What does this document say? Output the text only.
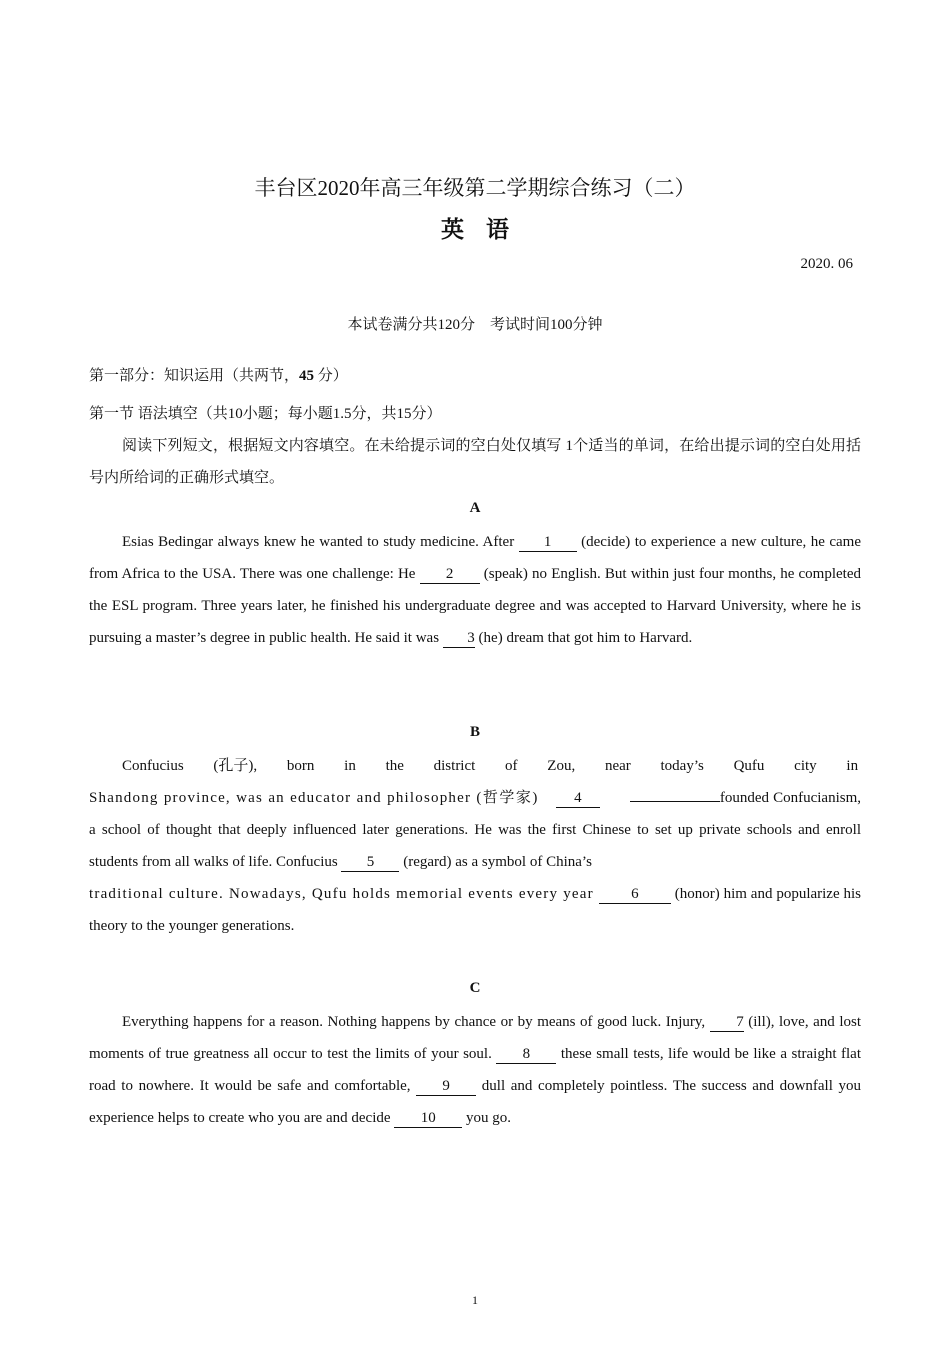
丰台区2020年高三年级第二学期综合练习（二）
英语
2020. 06
本试卷满分共120分　考试时间100分钟
第一部分：知识运用（共两节，45 分）
第一节 语法填空（共10小题；每小题1.5分，共15分）
阅读下列短文，根据短文内容填空。在未给提示词的空白处仅填写 1个适当的单词，在给出提示词的空白处用括号内所给词的正确形式填空。
A

Esias Bedingar always knew he wanted to study medicine. After 1 (decide) to experience a new culture, he came from Africa to the USA. There was one challenge: He 2 (speak) no English. But within just four months, he completed the ESL program. Three years later, he finished his undergraduate degree and was accepted to Harvard University, where he is pursuing a master’s degree in public health. He said it was 3 (he) dream that got him to Harvard.

B

Confucius (孔子), born in the district of Zou, near today’s Qufu city in
Shandong province, was an educator and philosopher (哲学家) 4	founded Confucianism, a school of thought that deeply influenced later generations. He was the first Chinese to set up private schools and enroll students from all walks of life. Confucius 5 (regard) as a symbol of China’s
traditional culture. Nowadays, Qufu holds memorial events every year 6 (honor) him and popularize his theory to the younger generations.

C

Everything happens for a reason. Nothing happens by chance or by means of good luck. Injury, 7 (ill), love, and lost moments of true greatness all occur to test the limits of your soul. 8 these small tests, life would be like a straight flat road to nowhere. It would be safe and comfortable, 9 dull and completely pointless. The success and downfall you experience helps to create who you are and decide 10 you go.

1
